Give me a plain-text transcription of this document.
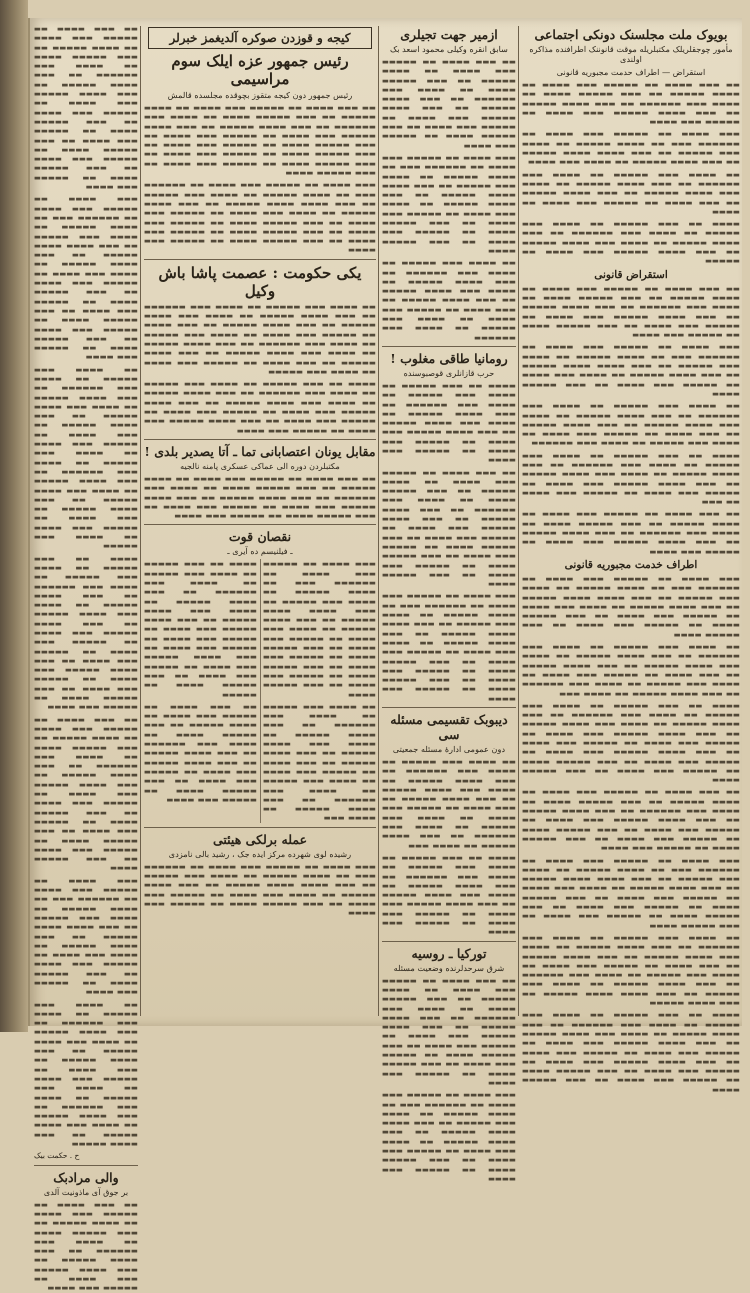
بویوک ملت مجلسنک دونکی اجتماعی
مأمور چوجقلریلک مکتبلریله موقت قانوننک اطرافنده مذاکره اولندی
استقراض — اطراف حدمت مجبوریه قانونی

▬▬ ▬▬▬ ▬▬▬▬ ▬▬ ▬▬▬▬▬ ▬▬▬ ▬▬▬▬ ▬▬ ▬▬▬▬ ▬▬▬▬▬ ▬▬ ▬▬▬ ▬▬▬▬▬ ▬▬▬▬ ▬▬ ▬▬▬▬ ▬▬▬ ▬▬▬▬▬▬ ▬▬ ▬▬▬ ▬▬▬▬ ▬▬▬▬▬ ▬▬ ▬▬▬ ▬▬▬▬ ▬▬▬▬▬ ▬▬▬ ▬▬▬▬ ▬▬ ▬▬▬▬▬ ▬▬▬ ▬▬▬▬

▬▬▬ ▬▬▬▬ ▬▬ ▬▬▬▬▬ ▬▬▬ ▬▬▬▬ ▬▬ ▬▬▬▬▬▬ ▬▬▬ ▬▬ ▬▬▬▬ ▬▬▬▬▬ ▬▬ ▬▬▬▬ ▬▬▬ ▬▬▬▬▬ ▬▬ ▬▬▬ ▬▬▬▬ ▬▬▬▬ ▬▬▬▬▬ ▬▬ ▬▬▬ ▬▬▬▬ ▬▬▬▬▬ ▬▬ ▬▬▬▬ ▬▬▬ ▬▬▬▬

▬▬ ▬▬▬▬ ▬▬▬ ▬▬▬▬▬ ▬▬ ▬▬▬▬ ▬▬▬ ▬▬▬▬▬▬ ▬▬ ▬▬▬ ▬▬▬▬ ▬▬▬▬▬ ▬▬ ▬▬▬▬ ▬▬▬ ▬▬▬▬ ▬▬▬▬▬ ▬▬ ▬▬▬ ▬▬▬▬ ▬▬▬▬▬ ▬▬ ▬▬▬ ▬▬▬▬ ▬▬ ▬▬▬▬▬ ▬▬▬ ▬▬▬▬ ▬▬ ▬▬▬▬

▬▬▬▬ ▬▬ ▬▬▬ ▬▬▬▬▬ ▬▬ ▬▬▬▬ ▬▬▬ ▬▬▬▬▬ ▬▬ ▬▬▬▬ ▬▬▬ ▬▬▬▬▬▬ ▬▬ ▬▬▬ ▬▬▬▬ ▬▬▬▬▬ ▬▬ ▬▬▬▬ ▬▬▬ ▬▬▬▬ ▬▬▬▬▬ ▬▬ ▬▬▬ ▬▬▬▬ ▬▬▬▬▬ ▬▬▬ ▬▬▬▬ ▬▬ ▬▬▬▬▬

استقراض قانونی

▬▬ ▬▬▬ ▬▬▬▬ ▬▬ ▬▬▬▬▬ ▬▬▬ ▬▬▬▬ ▬▬ ▬▬▬▬ ▬▬▬▬▬ ▬▬ ▬▬▬ ▬▬▬▬▬ ▬▬▬▬ ▬▬ ▬▬▬▬ ▬▬▬ ▬▬▬▬▬▬ ▬▬ ▬▬▬ ▬▬▬▬ ▬▬▬▬▬ ▬▬ ▬▬▬ ▬▬▬▬ ▬▬▬▬▬ ▬▬▬ ▬▬▬▬ ▬▬ ▬▬▬▬▬ ▬▬▬ ▬▬▬▬ ▬▬ ▬▬▬ ▬▬▬▬▬ ▬▬▬▬ ▬▬ ▬▬▬▬▬ ▬▬▬ ▬▬▬▬

▬▬▬ ▬▬▬▬ ▬▬ ▬▬▬▬▬ ▬▬▬ ▬▬▬▬ ▬▬ ▬▬▬▬▬▬ ▬▬▬ ▬▬ ▬▬▬▬ ▬▬▬▬▬ ▬▬ ▬▬▬▬ ▬▬▬ ▬▬▬▬▬ ▬▬ ▬▬▬ ▬▬▬▬ ▬▬▬▬ ▬▬▬▬▬ ▬▬ ▬▬▬ ▬▬▬▬ ▬▬▬▬▬ ▬▬ ▬▬▬▬ ▬▬▬ ▬▬▬▬ ▬▬ ▬▬▬▬▬ ▬▬▬ ▬▬▬▬ ▬▬ ▬▬▬ ▬▬▬▬▬ ▬▬▬▬

▬▬ ▬▬▬▬ ▬▬▬ ▬▬▬▬▬ ▬▬ ▬▬▬▬ ▬▬▬ ▬▬▬▬▬▬ ▬▬ ▬▬▬ ▬▬▬▬ ▬▬▬▬▬ ▬▬ ▬▬▬▬ ▬▬▬ ▬▬▬▬ ▬▬▬▬▬ ▬▬ ▬▬▬ ▬▬▬▬ ▬▬▬▬▬ ▬▬ ▬▬▬ ▬▬▬▬ ▬▬ ▬▬▬▬▬ ▬▬▬ ▬▬▬▬ ▬▬ ▬▬▬▬ ▬▬▬ ▬▬▬▬▬ ▬▬ ▬▬▬▬ ▬▬▬ ▬▬▬▬▬▬

▬▬▬▬ ▬▬ ▬▬▬ ▬▬▬▬▬ ▬▬ ▬▬▬▬ ▬▬▬ ▬▬▬▬▬ ▬▬ ▬▬▬▬ ▬▬▬ ▬▬▬▬▬▬ ▬▬ ▬▬▬ ▬▬▬▬ ▬▬▬▬▬ ▬▬ ▬▬▬▬ ▬▬▬ ▬▬▬▬ ▬▬▬▬▬ ▬▬ ▬▬▬ ▬▬▬▬ ▬▬▬▬▬ ▬▬▬ ▬▬▬▬ ▬▬ ▬▬▬▬▬ ▬▬▬ ▬▬▬▬ ▬▬ ▬▬▬▬▬ ▬▬▬ ▬▬▬▬ ▬▬ ▬▬▬

▬▬ ▬▬▬ ▬▬▬▬ ▬▬ ▬▬▬▬▬ ▬▬▬ ▬▬▬▬ ▬▬ ▬▬▬▬ ▬▬▬▬▬ ▬▬ ▬▬▬ ▬▬▬▬▬ ▬▬▬▬ ▬▬ ▬▬▬▬ ▬▬▬ ▬▬▬▬▬▬ ▬▬ ▬▬▬ ▬▬▬▬ ▬▬▬▬▬ ▬▬ ▬▬▬ ▬▬▬▬ ▬▬▬▬▬ ▬▬▬ ▬▬▬▬ ▬▬ ▬▬▬▬▬ ▬▬▬ ▬▬▬▬

اطراف خدمت مجبوریه قانونی

▬▬▬ ▬▬▬▬ ▬▬ ▬▬▬▬▬ ▬▬▬ ▬▬▬▬ ▬▬ ▬▬▬▬▬▬ ▬▬▬ ▬▬ ▬▬▬▬ ▬▬▬▬▬ ▬▬ ▬▬▬▬ ▬▬▬ ▬▬▬▬▬ ▬▬ ▬▬▬ ▬▬▬▬ ▬▬▬▬ ▬▬▬▬▬ ▬▬ ▬▬▬ ▬▬▬▬ ▬▬▬▬▬ ▬▬ ▬▬▬▬ ▬▬▬ ▬▬▬▬ ▬▬ ▬▬▬▬▬ ▬▬▬ ▬▬▬▬ ▬▬ ▬▬▬ ▬▬▬▬▬ ▬▬▬▬ ▬▬ ▬▬▬▬▬ ▬▬▬ ▬▬▬▬ ▬▬ ▬▬▬ ▬▬▬▬▬ ▬▬▬▬

▬▬ ▬▬▬▬ ▬▬▬ ▬▬▬▬▬ ▬▬ ▬▬▬▬ ▬▬▬ ▬▬▬▬▬▬ ▬▬ ▬▬▬ ▬▬▬▬ ▬▬▬▬▬ ▬▬ ▬▬▬▬ ▬▬▬ ▬▬▬▬ ▬▬▬▬▬ ▬▬ ▬▬▬ ▬▬▬▬ ▬▬▬▬▬ ▬▬ ▬▬▬ ▬▬▬▬ ▬▬ ▬▬▬▬▬ ▬▬▬ ▬▬▬▬ ▬▬ ▬▬▬▬ ▬▬▬ ▬▬▬▬▬ ▬▬ ▬▬▬▬ ▬▬▬ ▬▬▬▬▬▬ ▬▬ ▬▬▬ ▬▬▬▬ ▬▬▬▬▬ ▬▬ ▬▬▬▬ ▬▬▬

▬▬▬▬ ▬▬ ▬▬▬ ▬▬▬▬▬ ▬▬ ▬▬▬▬ ▬▬▬ ▬▬▬▬▬ ▬▬ ▬▬▬▬ ▬▬▬ ▬▬▬▬▬▬ ▬▬ ▬▬▬ ▬▬▬▬ ▬▬▬▬▬ ▬▬ ▬▬▬▬ ▬▬▬ ▬▬▬▬ ▬▬▬▬▬ ▬▬ ▬▬▬ ▬▬▬▬ ▬▬▬▬▬ ▬▬▬ ▬▬▬▬ ▬▬ ▬▬▬▬▬ ▬▬▬ ▬▬▬▬ ▬▬ ▬▬▬▬▬ ▬▬▬ ▬▬▬▬ ▬▬ ▬▬▬ ▬▬▬▬ ▬▬▬▬▬ ▬▬▬ ▬▬▬▬ ▬▬ ▬▬▬▬▬ ▬▬▬ ▬▬▬▬ ▬▬ ▬▬▬ ▬▬▬▬▬ ▬▬▬▬ ▬▬ ▬▬▬▬▬ ▬▬▬ ▬▬▬▬ ▬▬ ▬▬▬ ▬▬▬▬▬ ▬▬▬▬

▬▬ ▬▬▬ ▬▬▬▬ ▬▬ ▬▬▬▬▬ ▬▬▬ ▬▬▬▬ ▬▬ ▬▬▬▬ ▬▬▬▬▬ ▬▬ ▬▬▬ ▬▬▬▬▬ ▬▬▬▬ ▬▬ ▬▬▬▬ ▬▬▬ ▬▬▬▬▬▬ ▬▬ ▬▬▬ ▬▬▬▬ ▬▬▬▬▬ ▬▬ ▬▬▬ ▬▬▬▬ ▬▬▬▬▬ ▬▬▬ ▬▬▬▬ ▬▬ ▬▬▬▬▬ ▬▬▬ ▬▬▬▬ ▬▬ ▬▬▬ ▬▬▬▬▬ ▬▬▬▬ ▬▬ ▬▬▬▬▬ ▬▬▬ ▬▬▬▬ ▬▬ ▬▬▬ ▬▬▬▬▬ ▬▬▬▬ ▬▬ ▬▬▬▬▬ ▬▬▬ ▬▬▬▬

▬▬▬ ▬▬▬▬ ▬▬ ▬▬▬▬▬ ▬▬▬ ▬▬▬▬ ▬▬ ▬▬▬▬▬▬ ▬▬▬ ▬▬ ▬▬▬▬ ▬▬▬▬▬ ▬▬ ▬▬▬▬ ▬▬▬ ▬▬▬▬▬ ▬▬ ▬▬▬ ▬▬▬▬ ▬▬▬▬ ▬▬▬▬▬ ▬▬ ▬▬▬ ▬▬▬▬ ▬▬▬▬▬ ▬▬ ▬▬▬▬ ▬▬▬ ▬▬▬▬ ▬▬ ▬▬▬▬▬ ▬▬▬ ▬▬▬▬ ▬▬ ▬▬▬ ▬▬▬▬▬ ▬▬▬▬ ▬▬ ▬▬▬▬▬ ▬▬▬ ▬▬▬▬ ▬▬ ▬▬▬ ▬▬▬▬▬ ▬▬▬▬ ▬▬ ▬▬▬▬▬ ▬▬▬ ▬▬▬▬ ▬▬ ▬▬▬ ▬▬▬▬▬ ▬▬▬▬

▬▬ ▬▬▬▬ ▬▬▬ ▬▬▬▬▬ ▬▬ ▬▬▬▬ ▬▬▬ ▬▬▬▬▬▬ ▬▬ ▬▬▬ ▬▬▬▬ ▬▬▬▬▬ ▬▬ ▬▬▬▬ ▬▬▬ ▬▬▬▬ ▬▬▬▬▬ ▬▬ ▬▬▬ ▬▬▬▬ ▬▬▬▬▬ ▬▬ ▬▬▬ ▬▬▬▬ ▬▬ ▬▬▬▬▬ ▬▬▬ ▬▬▬▬ ▬▬ ▬▬▬▬ ▬▬▬ ▬▬▬▬▬ ▬▬ ▬▬▬▬ ▬▬▬ ▬▬▬▬▬▬ ▬▬ ▬▬▬ ▬▬▬▬ ▬▬▬▬▬ ▬▬ ▬▬▬▬ ▬▬▬ ▬▬▬▬▬ ▬▬ ▬▬▬ ▬▬▬▬ ▬▬▬▬ ▬▬▬▬▬ ▬▬ ▬▬▬ ▬▬▬▬ ▬▬▬▬▬

▬▬▬▬ ▬▬ ▬▬▬ ▬▬▬▬▬ ▬▬ ▬▬▬▬ ▬▬▬ ▬▬▬▬▬ ▬▬ ▬▬▬▬ ▬▬▬ ▬▬▬▬▬▬ ▬▬ ▬▬▬ ▬▬▬▬ ▬▬▬▬▬ ▬▬ ▬▬▬▬ ▬▬▬ ▬▬▬▬ ▬▬▬▬▬ ▬▬ ▬▬▬ ▬▬▬▬ ▬▬▬▬▬ ▬▬▬ ▬▬▬▬ ▬▬ ▬▬▬▬▬ ▬▬▬ ▬▬▬▬ ▬▬ ▬▬▬▬▬ ▬▬▬ ▬▬▬▬ ▬▬ ▬▬▬ ▬▬▬▬ ▬▬▬▬▬ ▬▬▬ ▬▬▬▬ ▬▬ ▬▬▬▬▬ ▬▬▬ ▬▬▬▬ ▬▬ ▬▬▬ ▬▬▬▬▬ ▬▬▬▬ ▬▬ ▬▬▬▬▬ ▬▬▬ ▬▬▬▬ ▬▬ ▬▬▬ ▬▬▬▬▬ ▬▬▬▬

ازمیر جهت تجیلری
سابق انقره وکیلی محمود اسعد بک

▬▬ ▬▬▬ ▬▬▬▬ ▬▬ ▬▬▬▬▬ ▬▬▬ ▬▬▬▬ ▬▬ ▬▬▬▬ ▬▬▬▬▬ ▬▬ ▬▬▬ ▬▬▬▬▬ ▬▬▬▬ ▬▬ ▬▬▬▬ ▬▬▬ ▬▬▬▬▬▬ ▬▬ ▬▬▬ ▬▬▬▬ ▬▬▬▬▬ ▬▬ ▬▬▬ ▬▬▬▬ ▬▬▬▬▬ ▬▬▬ ▬▬▬▬ ▬▬ ▬▬▬▬▬ ▬▬▬ ▬▬▬▬ ▬▬ ▬▬▬ ▬▬▬▬▬ ▬▬▬▬ ▬▬ ▬▬▬▬▬ ▬▬▬ ▬▬▬▬

▬▬▬ ▬▬▬▬ ▬▬ ▬▬▬▬▬ ▬▬▬ ▬▬▬▬ ▬▬ ▬▬▬▬▬▬ ▬▬▬ ▬▬ ▬▬▬▬ ▬▬▬▬▬ ▬▬ ▬▬▬▬ ▬▬▬ ▬▬▬▬▬ ▬▬ ▬▬▬ ▬▬▬▬ ▬▬▬▬ ▬▬▬▬▬ ▬▬ ▬▬▬ ▬▬▬▬ ▬▬▬▬▬ ▬▬ ▬▬▬▬ ▬▬▬ ▬▬▬▬ ▬▬ ▬▬▬▬▬ ▬▬▬ ▬▬▬▬ ▬▬ ▬▬▬ ▬▬▬▬▬ ▬▬▬▬ ▬▬ ▬▬▬▬▬ ▬▬▬ ▬▬▬▬ ▬▬ ▬▬▬ ▬▬▬▬▬ ▬▬▬▬

▬▬ ▬▬▬▬ ▬▬▬ ▬▬▬▬▬ ▬▬ ▬▬▬▬ ▬▬▬ ▬▬▬▬▬▬ ▬▬ ▬▬▬ ▬▬▬▬ ▬▬▬▬▬ ▬▬ ▬▬▬▬ ▬▬▬ ▬▬▬▬ ▬▬▬▬▬ ▬▬ ▬▬▬ ▬▬▬▬ ▬▬▬▬▬ ▬▬ ▬▬▬ ▬▬▬▬ ▬▬ ▬▬▬▬▬ ▬▬▬ ▬▬▬▬ ▬▬ ▬▬▬▬ ▬▬▬ ▬▬▬▬▬ ▬▬ ▬▬▬▬ ▬▬▬ ▬▬▬▬▬▬

رومانیا طاقی مغلوب !
حرب قازانلری قوصبوسنده

▬▬▬▬ ▬▬ ▬▬▬ ▬▬▬▬▬ ▬▬ ▬▬▬▬ ▬▬▬ ▬▬▬▬▬ ▬▬ ▬▬▬▬ ▬▬▬ ▬▬▬▬▬▬ ▬▬ ▬▬▬ ▬▬▬▬ ▬▬▬▬▬ ▬▬ ▬▬▬▬ ▬▬▬ ▬▬▬▬ ▬▬▬▬▬ ▬▬ ▬▬▬ ▬▬▬▬ ▬▬▬▬▬ ▬▬▬ ▬▬▬▬ ▬▬ ▬▬▬▬▬ ▬▬▬ ▬▬▬▬ ▬▬ ▬▬▬▬▬ ▬▬▬ ▬▬▬▬

▬▬ ▬▬▬ ▬▬▬▬ ▬▬ ▬▬▬▬▬ ▬▬▬ ▬▬▬▬ ▬▬ ▬▬▬▬ ▬▬▬▬▬ ▬▬ ▬▬▬ ▬▬▬▬▬ ▬▬▬▬ ▬▬ ▬▬▬▬ ▬▬▬ ▬▬▬▬▬▬ ▬▬ ▬▬▬ ▬▬▬▬ ▬▬▬▬▬ ▬▬ ▬▬▬ ▬▬▬▬ ▬▬▬▬▬ ▬▬▬ ▬▬▬▬ ▬▬ ▬▬▬▬▬ ▬▬▬ ▬▬▬▬ ▬▬ ▬▬▬ ▬▬▬▬▬ ▬▬▬▬ ▬▬ ▬▬▬▬▬ ▬▬▬ ▬▬▬▬ ▬▬ ▬▬▬ ▬▬▬▬▬ ▬▬▬▬ ▬▬ ▬▬▬▬▬ ▬▬▬ ▬▬▬▬ ▬▬ ▬▬▬ ▬▬▬▬▬ ▬▬▬▬

▬▬▬ ▬▬▬▬ ▬▬ ▬▬▬▬▬ ▬▬▬ ▬▬▬▬ ▬▬ ▬▬▬▬▬▬ ▬▬▬ ▬▬ ▬▬▬▬ ▬▬▬▬▬ ▬▬ ▬▬▬▬ ▬▬▬ ▬▬▬▬▬ ▬▬ ▬▬▬ ▬▬▬▬ ▬▬▬▬ ▬▬▬▬▬ ▬▬ ▬▬▬ ▬▬▬▬ ▬▬▬▬▬ ▬▬ ▬▬▬▬ ▬▬▬ ▬▬▬▬ ▬▬ ▬▬▬▬▬ ▬▬▬ ▬▬▬▬ ▬▬ ▬▬▬ ▬▬▬▬▬ ▬▬▬▬ ▬▬ ▬▬▬▬▬ ▬▬▬ ▬▬▬▬ ▬▬ ▬▬▬ ▬▬▬▬▬ ▬▬▬▬ ▬▬ ▬▬▬▬▬ ▬▬▬ ▬▬▬▬

دیبوبک تقسیمی مسئله سی
دون عمومی ادارۀ مسئله جمعیتی

▬▬ ▬▬▬▬ ▬▬▬ ▬▬▬▬▬ ▬▬ ▬▬▬▬ ▬▬▬ ▬▬▬▬▬▬ ▬▬ ▬▬▬ ▬▬▬▬ ▬▬▬▬▬ ▬▬ ▬▬▬▬ ▬▬▬ ▬▬▬▬ ▬▬▬▬▬ ▬▬ ▬▬▬ ▬▬▬▬ ▬▬▬▬▬ ▬▬ ▬▬▬ ▬▬▬▬ ▬▬ ▬▬▬▬▬ ▬▬▬ ▬▬▬▬ ▬▬ ▬▬▬▬ ▬▬▬ ▬▬▬▬▬ ▬▬ ▬▬▬▬ ▬▬▬ ▬▬▬▬▬▬ ▬▬ ▬▬▬ ▬▬▬▬ ▬▬▬▬▬ ▬▬ ▬▬▬▬ ▬▬▬

▬▬▬▬ ▬▬ ▬▬▬ ▬▬▬▬▬ ▬▬ ▬▬▬▬ ▬▬▬ ▬▬▬▬▬ ▬▬ ▬▬▬▬ ▬▬▬ ▬▬▬▬▬▬ ▬▬ ▬▬▬ ▬▬▬▬ ▬▬▬▬▬ ▬▬ ▬▬▬▬ ▬▬▬ ▬▬▬▬ ▬▬▬▬▬ ▬▬ ▬▬▬ ▬▬▬▬ ▬▬▬▬▬ ▬▬▬ ▬▬▬▬ ▬▬ ▬▬▬▬▬ ▬▬▬ ▬▬▬▬ ▬▬ ▬▬▬▬▬ ▬▬▬ ▬▬▬▬

تورکیا ـ روسیه
شرق سرحدلرنده وضعیت مسئله

▬▬ ▬▬▬ ▬▬▬▬ ▬▬ ▬▬▬▬▬ ▬▬▬ ▬▬▬▬ ▬▬ ▬▬▬▬ ▬▬▬▬▬ ▬▬ ▬▬▬ ▬▬▬▬▬ ▬▬▬▬ ▬▬ ▬▬▬▬ ▬▬▬ ▬▬▬▬▬▬ ▬▬ ▬▬▬ ▬▬▬▬ ▬▬▬▬▬ ▬▬ ▬▬▬ ▬▬▬▬ ▬▬▬▬▬ ▬▬▬ ▬▬▬▬ ▬▬ ▬▬▬▬▬ ▬▬▬ ▬▬▬▬ ▬▬ ▬▬▬ ▬▬▬▬▬ ▬▬▬▬ ▬▬ ▬▬▬▬▬ ▬▬▬ ▬▬▬▬ ▬▬ ▬▬▬ ▬▬▬▬▬ ▬▬▬▬ ▬▬ ▬▬▬▬▬ ▬▬▬ ▬▬▬▬

▬▬▬ ▬▬▬▬ ▬▬ ▬▬▬▬▬ ▬▬▬ ▬▬▬▬ ▬▬ ▬▬▬▬▬▬ ▬▬▬ ▬▬ ▬▬▬▬ ▬▬▬▬▬ ▬▬ ▬▬▬▬ ▬▬▬ ▬▬▬▬▬ ▬▬ ▬▬▬ ▬▬▬▬ ▬▬▬▬ ▬▬▬▬▬ ▬▬ ▬▬▬ ▬▬▬▬ ▬▬▬▬▬ ▬▬ ▬▬▬▬ ▬▬▬ ▬▬▬▬ ▬▬ ▬▬▬▬▬ ▬▬▬ ▬▬▬▬ ▬▬ ▬▬▬ ▬▬▬▬▬ ▬▬▬▬ ▬▬ ▬▬▬▬▬ ▬▬▬ ▬▬▬▬

کیجه و قوزدن صوکره آلدیغمز خبرلر
رئیس جمهور عزه ایلک سوم مراسیمی
رئیس جمهور دون کیجه متقوز بچوقده مجلسده قالمش

▬▬ ▬▬▬ ▬▬▬▬ ▬▬ ▬▬▬▬▬ ▬▬▬ ▬▬▬▬ ▬▬ ▬▬▬▬ ▬▬▬▬▬ ▬▬ ▬▬▬ ▬▬▬▬▬ ▬▬▬▬ ▬▬ ▬▬▬▬ ▬▬▬ ▬▬▬▬▬▬ ▬▬ ▬▬▬ ▬▬▬▬ ▬▬▬▬▬ ▬▬ ▬▬▬ ▬▬▬▬ ▬▬▬▬▬ ▬▬▬ ▬▬▬▬ ▬▬ ▬▬▬▬▬ ▬▬▬ ▬▬▬▬ ▬▬ ▬▬▬ ▬▬▬▬▬ ▬▬▬▬ ▬▬ ▬▬▬▬▬ ▬▬▬ ▬▬▬▬ ▬▬ ▬▬▬ ▬▬▬▬▬ ▬▬▬▬ ▬▬ ▬▬▬▬▬ ▬▬▬ ▬▬▬▬ ▬▬ ▬▬▬ ▬▬▬▬▬ ▬▬▬▬ ▬▬ ▬▬▬▬▬ ▬▬▬ ▬▬▬▬ ▬▬ ▬▬▬ ▬▬▬▬▬ ▬▬▬▬

▬▬▬ ▬▬▬▬ ▬▬ ▬▬▬▬▬ ▬▬▬ ▬▬▬▬ ▬▬ ▬▬▬▬▬▬ ▬▬▬ ▬▬ ▬▬▬▬ ▬▬▬▬▬ ▬▬ ▬▬▬▬ ▬▬▬ ▬▬▬▬▬ ▬▬ ▬▬▬ ▬▬▬▬ ▬▬▬▬ ▬▬▬▬▬ ▬▬ ▬▬▬ ▬▬▬▬ ▬▬▬▬▬ ▬▬ ▬▬▬▬ ▬▬▬ ▬▬▬▬ ▬▬ ▬▬▬▬▬ ▬▬▬ ▬▬▬▬ ▬▬ ▬▬▬ ▬▬▬▬▬ ▬▬▬▬ ▬▬ ▬▬▬▬▬ ▬▬▬ ▬▬▬▬ ▬▬ ▬▬▬ ▬▬▬▬▬ ▬▬▬▬ ▬▬ ▬▬▬▬▬ ▬▬▬ ▬▬▬▬ ▬▬ ▬▬▬ ▬▬▬▬▬ ▬▬▬▬ ▬▬ ▬▬▬▬▬ ▬▬▬ ▬▬▬▬

یکی حکومت : عصمت پاشا باش وکیل

▬▬ ▬▬▬▬ ▬▬▬ ▬▬▬▬▬ ▬▬ ▬▬▬▬ ▬▬▬ ▬▬▬▬▬▬ ▬▬ ▬▬▬ ▬▬▬▬ ▬▬▬▬▬ ▬▬ ▬▬▬▬ ▬▬▬ ▬▬▬▬ ▬▬▬▬▬ ▬▬ ▬▬▬ ▬▬▬▬ ▬▬▬▬▬ ▬▬ ▬▬▬ ▬▬▬▬ ▬▬ ▬▬▬▬▬ ▬▬▬ ▬▬▬▬ ▬▬ ▬▬▬▬ ▬▬▬ ▬▬▬▬▬ ▬▬ ▬▬▬▬ ▬▬▬ ▬▬▬▬▬▬ ▬▬ ▬▬▬ ▬▬▬▬ ▬▬▬▬▬ ▬▬ ▬▬▬▬ ▬▬▬ ▬▬▬▬ ▬▬▬▬▬ ▬▬ ▬▬▬ ▬▬▬▬ ▬▬▬▬▬ ▬▬ ▬▬▬ ▬▬▬▬ ▬▬ ▬▬▬▬▬ ▬▬▬ ▬▬▬▬ ▬▬ ▬▬▬▬ ▬▬▬ ▬▬▬▬▬

▬▬▬▬ ▬▬ ▬▬▬ ▬▬▬▬▬ ▬▬ ▬▬▬▬ ▬▬▬ ▬▬▬▬▬ ▬▬ ▬▬▬▬ ▬▬▬ ▬▬▬▬▬▬ ▬▬ ▬▬▬ ▬▬▬▬ ▬▬▬▬▬ ▬▬ ▬▬▬▬ ▬▬▬ ▬▬▬▬ ▬▬▬▬▬ ▬▬ ▬▬▬ ▬▬▬▬ ▬▬▬▬▬ ▬▬▬ ▬▬▬▬ ▬▬ ▬▬▬▬▬ ▬▬▬ ▬▬▬▬ ▬▬ ▬▬▬▬▬ ▬▬▬ ▬▬▬▬ ▬▬ ▬▬▬ ▬▬▬▬ ▬▬▬▬▬ ▬▬▬ ▬▬▬▬ ▬▬ ▬▬▬▬▬ ▬▬▬ ▬▬▬▬

مقابل یونان اعتصابانی تما ـ آتا یصدیر بلدی !
مکتبلردن دوره الی عماکی عسکری پامنه نالجیه

▬▬ ▬▬▬ ▬▬▬▬ ▬▬ ▬▬▬▬▬ ▬▬▬ ▬▬▬▬ ▬▬ ▬▬▬▬ ▬▬▬▬▬ ▬▬ ▬▬▬ ▬▬▬▬▬ ▬▬▬▬ ▬▬ ▬▬▬▬ ▬▬▬ ▬▬▬▬▬▬ ▬▬ ▬▬▬ ▬▬▬▬ ▬▬▬▬▬ ▬▬ ▬▬▬ ▬▬▬▬ ▬▬▬▬▬ ▬▬▬ ▬▬▬▬ ▬▬ ▬▬▬▬▬ ▬▬▬ ▬▬▬▬ ▬▬ ▬▬▬ ▬▬▬▬▬ ▬▬▬▬ ▬▬ ▬▬▬▬▬ ▬▬▬ ▬▬▬▬

نقصان قوت
ـ فیلنیسم ده آیری ـ

▬▬▬ ▬▬▬▬ ▬▬ ▬▬▬▬▬ ▬▬▬ ▬▬▬▬ ▬▬ ▬▬▬▬▬▬ ▬▬▬ ▬▬ ▬▬▬▬ ▬▬▬▬▬ ▬▬ ▬▬▬▬ ▬▬▬ ▬▬▬▬▬ ▬▬ ▬▬▬ ▬▬▬▬ ▬▬▬▬ ▬▬▬▬▬ ▬▬ ▬▬▬ ▬▬▬▬ ▬▬▬▬▬ ▬▬ ▬▬▬▬ ▬▬▬ ▬▬▬▬ ▬▬ ▬▬▬▬▬ ▬▬▬ ▬▬▬▬ ▬▬ ▬▬▬ ▬▬▬▬▬ ▬▬▬▬ ▬▬ ▬▬▬▬▬ ▬▬▬ ▬▬▬▬ ▬▬ ▬▬▬ ▬▬▬▬▬ ▬▬▬▬ ▬▬ ▬▬▬▬▬ ▬▬▬ ▬▬▬▬ ▬▬ ▬▬▬ ▬▬▬▬▬ ▬▬▬▬

▬▬ ▬▬▬▬ ▬▬▬ ▬▬▬▬▬ ▬▬ ▬▬▬▬ ▬▬▬ ▬▬▬▬▬▬ ▬▬ ▬▬▬ ▬▬▬▬ ▬▬▬▬▬ ▬▬ ▬▬▬▬ ▬▬▬ ▬▬▬▬ ▬▬▬▬▬ ▬▬ ▬▬▬ ▬▬▬▬ ▬▬▬▬▬ ▬▬ ▬▬▬ ▬▬▬▬ ▬▬ ▬▬▬▬▬ ▬▬▬ ▬▬▬▬ ▬▬ ▬▬▬▬ ▬▬▬ ▬▬▬▬▬ ▬▬ ▬▬▬▬ ▬▬▬ ▬▬▬▬▬▬ ▬▬ ▬▬▬ ▬▬▬▬ ▬▬▬▬▬ ▬▬ ▬▬▬▬ ▬▬▬

▬▬▬▬ ▬▬ ▬▬▬ ▬▬▬▬▬ ▬▬ ▬▬▬▬ ▬▬▬ ▬▬▬▬▬ ▬▬ ▬▬▬▬ ▬▬▬ ▬▬▬▬▬▬ ▬▬ ▬▬▬ ▬▬▬▬ ▬▬▬▬▬ ▬▬ ▬▬▬▬ ▬▬▬ ▬▬▬▬ ▬▬▬▬▬ ▬▬ ▬▬▬ ▬▬▬▬ ▬▬▬▬▬ ▬▬▬ ▬▬▬▬ ▬▬ ▬▬▬▬▬ ▬▬▬ ▬▬▬▬ ▬▬ ▬▬▬▬▬ ▬▬▬ ▬▬▬▬ ▬▬ ▬▬▬ ▬▬▬▬ ▬▬▬▬▬ ▬▬▬ ▬▬▬▬ ▬▬ ▬▬▬▬▬ ▬▬▬ ▬▬▬▬ ▬▬ ▬▬▬ ▬▬▬▬▬ ▬▬▬▬ ▬▬ ▬▬▬▬▬

▬▬ ▬▬▬ ▬▬▬▬ ▬▬ ▬▬▬▬▬ ▬▬▬ ▬▬▬▬ ▬▬ ▬▬▬▬ ▬▬▬▬▬ ▬▬ ▬▬▬ ▬▬▬▬▬ ▬▬▬▬ ▬▬ ▬▬▬▬ ▬▬▬ ▬▬▬▬▬▬ ▬▬ ▬▬▬ ▬▬▬▬ ▬▬▬▬▬ ▬▬ ▬▬▬ ▬▬▬▬ ▬▬▬▬▬ ▬▬▬ ▬▬▬▬ ▬▬ ▬▬▬▬▬ ▬▬▬ ▬▬▬▬ ▬▬ ▬▬▬ ▬▬▬▬▬ ▬▬▬▬ ▬▬ ▬▬▬▬▬ ▬▬▬ ▬▬▬▬

عمله برلکی هیئتی
رشیده لوی شهرده مرکز ایده جک ، رشید بالی نامزدی

▬▬▬ ▬▬▬▬ ▬▬ ▬▬▬▬▬ ▬▬▬ ▬▬▬▬ ▬▬ ▬▬▬▬▬▬ ▬▬▬ ▬▬ ▬▬▬▬ ▬▬▬▬▬ ▬▬ ▬▬▬▬ ▬▬▬ ▬▬▬▬▬ ▬▬ ▬▬▬ ▬▬▬▬ ▬▬▬▬ ▬▬▬▬▬ ▬▬ ▬▬▬ ▬▬▬▬ ▬▬▬▬▬ ▬▬ ▬▬▬▬ ▬▬▬ ▬▬▬▬ ▬▬ ▬▬▬▬▬ ▬▬▬ ▬▬▬▬ ▬▬ ▬▬▬ ▬▬▬▬▬ ▬▬▬▬ ▬▬ ▬▬▬▬▬ ▬▬▬ ▬▬▬▬

▬▬ ▬▬▬ ▬▬▬▬ ▬▬ ▬▬▬▬▬ ▬▬▬ ▬▬▬▬ ▬▬ ▬▬▬▬ ▬▬▬▬▬ ▬▬ ▬▬▬ ▬▬▬▬▬ ▬▬▬▬ ▬▬ ▬▬▬▬ ▬▬▬ ▬▬▬▬▬▬ ▬▬ ▬▬▬ ▬▬▬▬ ▬▬▬▬▬ ▬▬ ▬▬▬ ▬▬▬▬ ▬▬▬▬▬ ▬▬▬ ▬▬▬▬ ▬▬ ▬▬▬▬▬ ▬▬▬ ▬▬▬▬ ▬▬ ▬▬▬ ▬▬▬▬▬ ▬▬▬▬ ▬▬ ▬▬▬▬▬ ▬▬▬ ▬▬▬▬ ▬▬ ▬▬▬ ▬▬▬▬▬ ▬▬▬▬ ▬▬ ▬▬▬▬▬ ▬▬▬ ▬▬▬▬ ▬▬ ▬▬▬ ▬▬▬▬▬ ▬▬▬▬ ▬▬ ▬▬▬▬▬ ▬▬▬ ▬▬▬▬

▬▬▬ ▬▬▬▬ ▬▬ ▬▬▬▬▬ ▬▬▬ ▬▬▬▬ ▬▬ ▬▬▬▬▬▬ ▬▬▬ ▬▬ ▬▬▬▬ ▬▬▬▬▬ ▬▬ ▬▬▬▬ ▬▬▬ ▬▬▬▬▬ ▬▬ ▬▬▬ ▬▬▬▬ ▬▬▬▬ ▬▬▬▬▬ ▬▬ ▬▬▬ ▬▬▬▬ ▬▬▬▬▬ ▬▬ ▬▬▬▬ ▬▬▬ ▬▬▬▬ ▬▬ ▬▬▬▬▬ ▬▬▬ ▬▬▬▬ ▬▬ ▬▬▬ ▬▬▬▬▬ ▬▬▬▬ ▬▬ ▬▬▬▬▬ ▬▬▬ ▬▬▬▬ ▬▬ ▬▬▬ ▬▬▬▬▬ ▬▬▬▬ ▬▬ ▬▬▬▬▬ ▬▬▬ ▬▬▬▬ ▬▬ ▬▬▬ ▬▬▬▬▬ ▬▬▬▬ ▬▬ ▬▬▬▬▬ ▬▬▬ ▬▬▬▬

▬▬ ▬▬▬▬ ▬▬▬ ▬▬▬▬▬ ▬▬ ▬▬▬▬ ▬▬▬ ▬▬▬▬▬▬ ▬▬ ▬▬▬ ▬▬▬▬ ▬▬▬▬▬ ▬▬ ▬▬▬▬ ▬▬▬ ▬▬▬▬ ▬▬▬▬▬ ▬▬ ▬▬▬ ▬▬▬▬ ▬▬▬▬▬ ▬▬ ▬▬▬ ▬▬▬▬ ▬▬ ▬▬▬▬▬ ▬▬▬ ▬▬▬▬ ▬▬ ▬▬▬▬ ▬▬▬ ▬▬▬▬▬ ▬▬ ▬▬▬▬ ▬▬▬ ▬▬▬▬▬▬ ▬▬ ▬▬▬ ▬▬▬▬ ▬▬▬▬▬ ▬▬ ▬▬▬▬ ▬▬▬ ▬▬▬▬ ▬▬▬▬▬ ▬▬ ▬▬▬ ▬▬▬▬ ▬▬▬▬▬ ▬▬ ▬▬▬ ▬▬▬▬ ▬▬ ▬▬▬▬▬ ▬▬▬ ▬▬▬▬ ▬▬ ▬▬▬▬ ▬▬▬ ▬▬▬▬▬

▬▬▬▬ ▬▬ ▬▬▬ ▬▬▬▬▬ ▬▬ ▬▬▬▬ ▬▬▬ ▬▬▬▬▬ ▬▬ ▬▬▬▬ ▬▬▬ ▬▬▬▬▬▬ ▬▬ ▬▬▬ ▬▬▬▬ ▬▬▬▬▬ ▬▬ ▬▬▬▬ ▬▬▬ ▬▬▬▬ ▬▬▬▬▬ ▬▬ ▬▬▬ ▬▬▬▬ ▬▬▬▬▬ ▬▬▬ ▬▬▬▬ ▬▬ ▬▬▬▬▬ ▬▬▬ ▬▬▬▬ ▬▬ ▬▬▬▬▬ ▬▬▬ ▬▬▬▬ ▬▬ ▬▬▬ ▬▬▬▬ ▬▬▬▬▬ ▬▬▬ ▬▬▬▬ ▬▬ ▬▬▬▬▬ ▬▬▬ ▬▬▬▬ ▬▬ ▬▬▬ ▬▬▬▬▬ ▬▬▬▬ ▬▬ ▬▬▬▬▬ ▬▬▬ ▬▬▬▬

▬▬ ▬▬▬ ▬▬▬▬ ▬▬ ▬▬▬▬▬ ▬▬▬ ▬▬▬▬ ▬▬ ▬▬▬▬ ▬▬▬▬▬ ▬▬ ▬▬▬ ▬▬▬▬▬ ▬▬▬▬ ▬▬ ▬▬▬▬ ▬▬▬ ▬▬▬▬▬▬ ▬▬ ▬▬▬ ▬▬▬▬ ▬▬▬▬▬ ▬▬ ▬▬▬ ▬▬▬▬ ▬▬▬▬▬ ▬▬▬ ▬▬▬▬ ▬▬ ▬▬▬▬▬ ▬▬▬ ▬▬▬▬ ▬▬ ▬▬▬ ▬▬▬▬▬ ▬▬▬▬ ▬▬ ▬▬▬▬▬ ▬▬▬ ▬▬▬▬ ▬▬ ▬▬▬ ▬▬▬▬▬ ▬▬▬▬ ▬▬ ▬▬▬▬▬ ▬▬▬ ▬▬▬▬ ▬▬ ▬▬▬ ▬▬▬▬▬ ▬▬▬▬

▬▬▬ ▬▬▬▬ ▬▬ ▬▬▬▬▬ ▬▬▬ ▬▬▬▬ ▬▬ ▬▬▬▬▬▬ ▬▬▬ ▬▬ ▬▬▬▬ ▬▬▬▬▬ ▬▬ ▬▬▬▬ ▬▬▬ ▬▬▬▬▬ ▬▬ ▬▬▬ ▬▬▬▬ ▬▬▬▬ ▬▬▬▬▬ ▬▬ ▬▬▬ ▬▬▬▬ ▬▬▬▬▬ ▬▬ ▬▬▬▬ ▬▬▬ ▬▬▬▬ ▬▬ ▬▬▬▬▬ ▬▬▬ ▬▬▬▬ ▬▬ ▬▬▬ ▬▬▬▬▬ ▬▬▬▬ ▬▬ ▬▬▬▬▬ ▬▬▬ ▬▬▬▬

▬▬ ▬▬▬▬ ▬▬▬ ▬▬▬▬▬ ▬▬ ▬▬▬▬ ▬▬▬ ▬▬▬▬▬▬ ▬▬ ▬▬▬ ▬▬▬▬ ▬▬▬▬▬ ▬▬ ▬▬▬▬ ▬▬▬ ▬▬▬▬ ▬▬▬▬▬ ▬▬ ▬▬▬ ▬▬▬▬ ▬▬▬▬▬ ▬▬ ▬▬▬ ▬▬▬▬ ▬▬ ▬▬▬▬▬ ▬▬▬ ▬▬▬▬ ▬▬ ▬▬▬▬ ▬▬▬ ▬▬▬▬▬ ▬▬ ▬▬▬▬ ▬▬▬ ▬▬▬▬▬▬ ▬▬ ▬▬▬ ▬▬▬▬ ▬▬▬▬▬ ▬▬ ▬▬▬▬ ▬▬▬ ▬▬▬▬ ▬▬▬▬▬ ▬▬ ▬▬▬ ▬▬▬▬ ▬▬▬▬▬

ح . حکمت بیک
والی مرادبک
بر جوق آی ماذونیت آلدی

▬▬ ▬▬▬ ▬▬▬▬ ▬▬ ▬▬▬▬▬ ▬▬▬ ▬▬▬▬ ▬▬ ▬▬▬▬ ▬▬▬▬▬ ▬▬ ▬▬▬ ▬▬▬▬▬ ▬▬▬▬ ▬▬ ▬▬▬▬ ▬▬▬ ▬▬▬▬▬▬ ▬▬ ▬▬▬ ▬▬▬▬ ▬▬▬▬▬ ▬▬ ▬▬▬ ▬▬▬▬ ▬▬▬▬▬ ▬▬▬ ▬▬▬▬ ▬▬ ▬▬▬▬▬ ▬▬▬ ▬▬▬▬
